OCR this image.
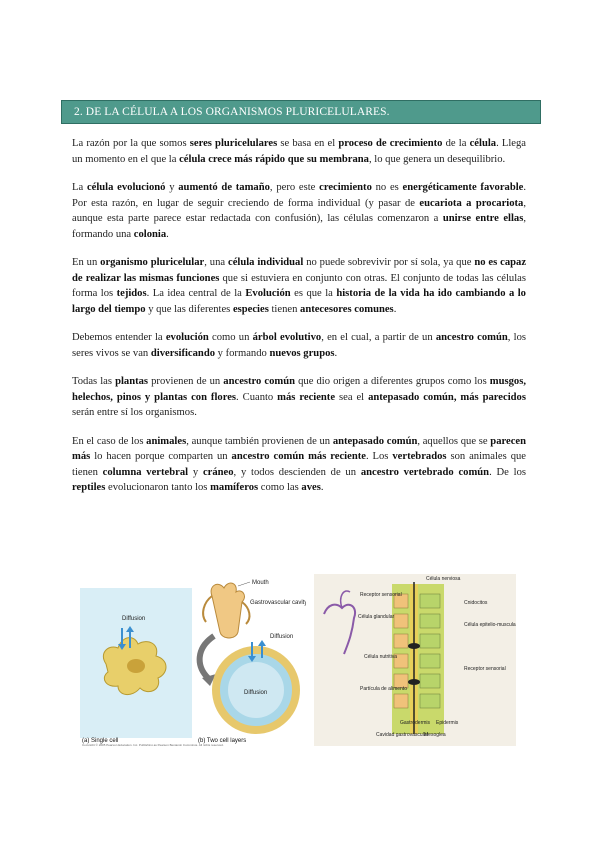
2. DE LA CÉLULA A LOS ORGANISMOS PLURICELULARES.

La razón por la que somos seres pluricelulares se basa en el proceso de crecimiento de la célula. Llega un momento en el que la célula crece más rápido que su membrana, lo que genera un desequilibrio.

La célula evolucionó y aumentó de tamaño, pero este crecimiento no es energéticamente favorable. Por esta razón, en lugar de seguir creciendo de forma individual (y pasar de eucariota a procariota, aunque esta parte parece estar redactada con confusión), las células comenzaron a unirse entre ellas, formando una colonia.

En un organismo pluricelular, una célula individual no puede sobrevivir por sí sola, ya que no es capaz de realizar las mismas funciones que si estuviera en conjunto con otras. El conjunto de todas las células forma los tejidos. La idea central de la Evolución es que la historia de la vida ha ido cambiando a lo largo del tiempo y que las diferentes especies tienen antecesores comunes.

Debemos entender la evolución como un árbol evolutivo, en el cual, a partir de un ancestro común, los seres vivos se van diversificando y formando nuevos grupos.

Todas las plantas provienen de un ancestro común que dio origen a diferentes grupos como los musgos, helechos, pinos y plantas con flores. Cuanto más reciente sea el antepasado común, más parecidos serán entre sí los organismos.

En el caso de los animales, aunque también provienen de un antepasado común, aquellos que se parecen más lo hacen porque comparten un ancestro común más reciente. Los vertebrados son animales que tienen columna vertebral y cráneo, y todos descienden de un ancestro vertebrado común. De los reptiles evolucionaron tanto los mamíferos como las aves.

Diffusion
Mouth
Gastrovascular cavity
Diffusion
Diffusion
(a) Single cell	(b) Two cell layers
Copyright © 2005 Pearson Education, Inc. Publishing as Pearson Benjamin Cummings. All rights reserved.
Célula nerviosa
Receptor sensorial
Cnidocitos
Célula glandular
Célula epitelio-muscular
Célula nutritiva
Receptor sensorial
Partícula de alimento
Gastrodermis Epidermis
Cavidad gastrovascular
Mesoglea
